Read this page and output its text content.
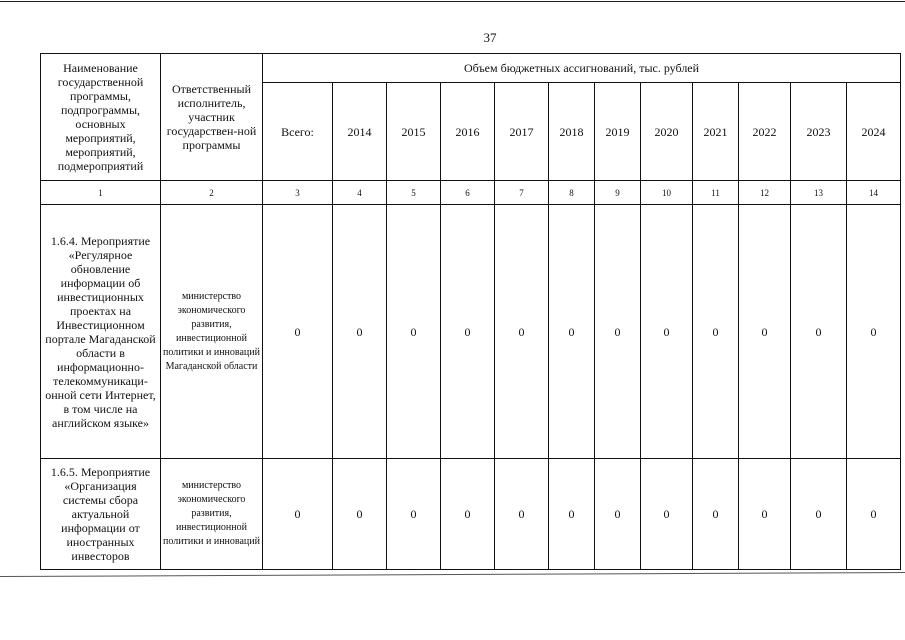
37
Наименование государственной программы, подпрограммы, основных мероприятий, мероприятий, подмероприятий	Ответственный исполнитель, участник государствен-ной программы	Объем бюджетных ассигнований, тыс. рублей											
		Всего:	2014	2015	2016	2017	2018	2019	2020	2021	2022	2023	2024
1	2	3	4	5	6	7	8	9	10	11	12	13	14
1.6.4. Мероприятие «Регулярное обновление информации об инвестиционных проектах на Инвестиционном портале Магаданской области в информационно-телекоммуникаци-онной сети Интернет, в том числе на английском языке»	министерство экономического развития, инвестиционной политики и инноваций Магаданской области	0	0	0	0	0	0	0	0	0	0	0	0
1.6.5. Мероприятие «Организация системы сбора актуальной информации от иностранных инвесторов	министерство экономического развития, инвестиционной политики и инноваций	0	0	0	0	0	0	0	0	0	0	0	0
